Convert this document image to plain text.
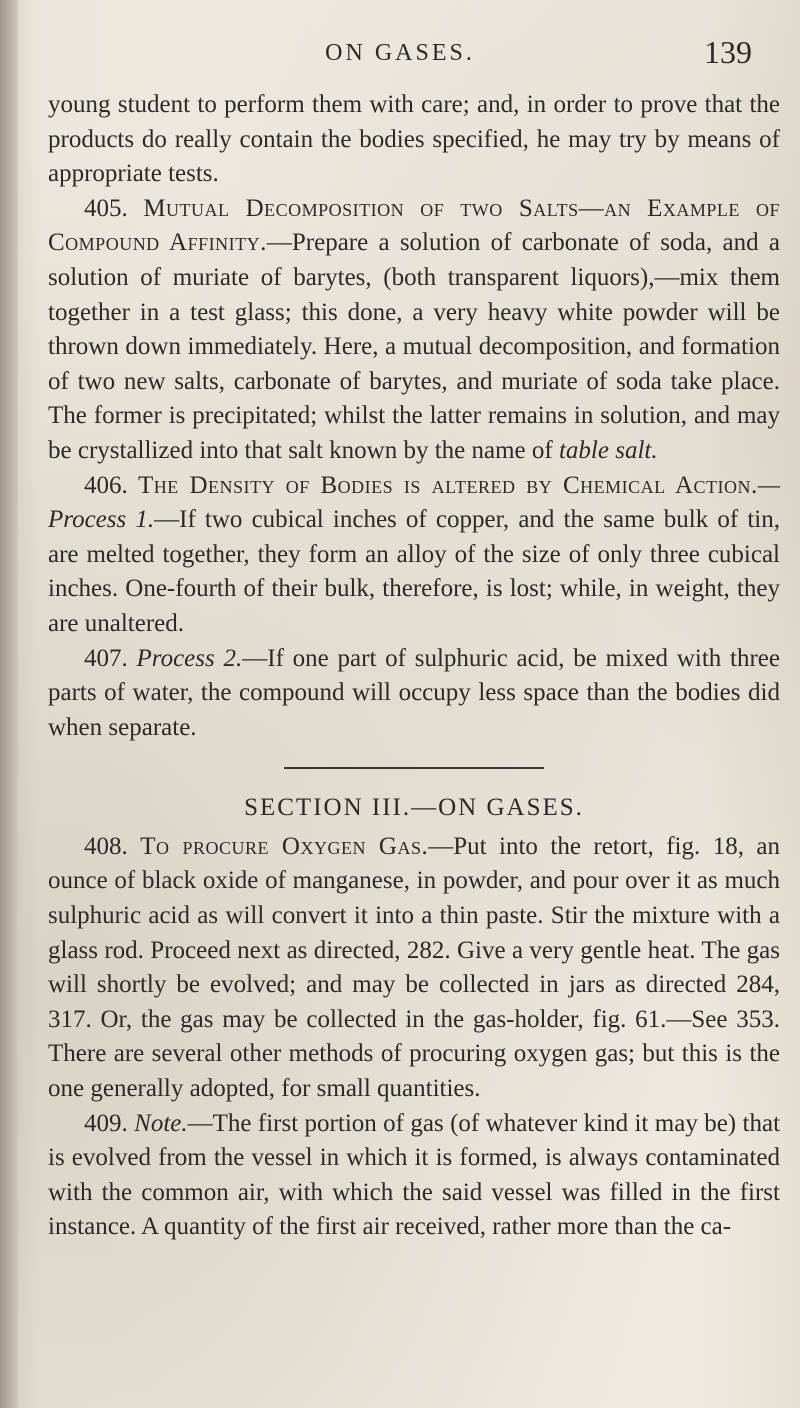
ON GASES.	139

young student to perform them with care; and, in order to prove that the products do really contain the bodies specified, he may try by means of appropriate tests.

405. Mutual Decomposition of two Salts—an Example of Compound Affinity.—Prepare a solution of carbonate of soda, and a solution of muriate of barytes, (both transparent liquors),—mix them together in a test glass; this done, a very heavy white powder will be thrown down immediately. Here, a mutual decomposition, and formation of two new salts, carbonate of barytes, and muriate of soda take place. The former is precipitated; whilst the latter remains in solution, and may be crystallized into that salt known by the name of table salt.

406. The Density of Bodies is altered by Chemical Action.—Process 1.—If two cubical inches of copper, and the same bulk of tin, are melted together, they form an alloy of the size of only three cubical inches. One-fourth of their bulk, therefore, is lost; while, in weight, they are unaltered.

407. Process 2.—If one part of sulphuric acid, be mixed with three parts of water, the compound will occupy less space than the bodies did when separate.

SECTION III.—ON GASES.

408. To procure Oxygen Gas.—Put into the retort, fig. 18, an ounce of black oxide of manganese, in powder, and pour over it as much sulphuric acid as will convert it into a thin paste. Stir the mixture with a glass rod. Proceed next as directed, 282. Give a very gentle heat. The gas will shortly be evolved; and may be collected in jars as directed 284, 317. Or, the gas may be collected in the gas-holder, fig. 61.—See 353. There are several other methods of procuring oxygen gas; but this is the one generally adopted, for small quantities.

409. Note.—The first portion of gas (of whatever kind it may be) that is evolved from the vessel in which it is formed, is always contaminated with the common air, with which the said vessel was filled in the first instance. A quantity of the first air received, rather more than the ca-
